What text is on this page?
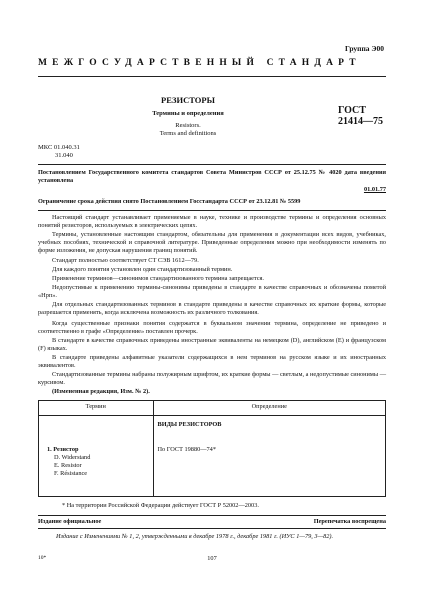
Группа Э00
МЕЖГОСУДАРСТВЕННЫЙ СТАНДАРТ
РЕЗИСТОРЫ
Термины и определения
Resistors.
Terms and definitions
ГОСТ
21414—75
МКС 01.040.31
31.040
Постановлением Государственного комитета стандартов Совета Министров СССР от 25.12.75 № 4020 дата введения установлена
01.01.77
Ограничение срока действия снято Постановлением Госстандарта СССР от 23.12.81 № 5599
Настоящий стандарт устанавливает применяемые в науке, технике и производстве термины и определения основных понятий резисторов, используемых в электрических цепях.
Термины, установленные настоящим стандартом, обязательны для применения в документации всех видов, учебниках, учебных пособиях, технической и справочной литературе. Приведенные определения можно при необходимости изменять по форме изложения, не допуская нарушения границ понятий.
Стандарт полностью соответствует СТ СЭВ 1612—79.
Для каждого понятия установлен один стандартизованный термин.
Применение терминов—синонимов стандартизованного термина запрещается.
Недопустимые к применению термины-синонимы приведены в стандарте в качестве справочных и обозначены пометой «Нрп».
Для отдельных стандартизованных терминов в стандарте приведены в качестве справочных их краткие формы, которые разрешается применять, когда исключена возможность их различного толкования.
Когда существенные признаки понятия содержатся в буквальном значении термина, определение не приведено и соответственно в графе «Определение» поставлен прочерк.
В стандарте в качестве справочных приведены иностранные эквиваленты на немецком (D), английском (E) и французском (F) языках.
В стандарте приведены алфавитные указатели содержащихся в нем терминов на русском языке и их иностранных эквивалентов.
Стандартизованные термины набраны полужирным шрифтом, их краткие формы — светлым, а недопустимые синонимы — курсивом.
(Измененная редакция, Изм. № 2).
Термин	Определение
	ВИДЫ РЕЗИСТОРОВ

1. Резистор
D. Widerstand
E. Resistor
F. Résistance	По ГОСТ 19880—74*
* На территории Российской Федерации действует ГОСТ Р 52002—2003.
Издание официальное	Перепечатка воспрещена
Издание с Изменениями № 1, 2, утвержденными в декабре 1978 г., декабре 1981 г. (ИУС 1—79, 3—82).
10*	107
